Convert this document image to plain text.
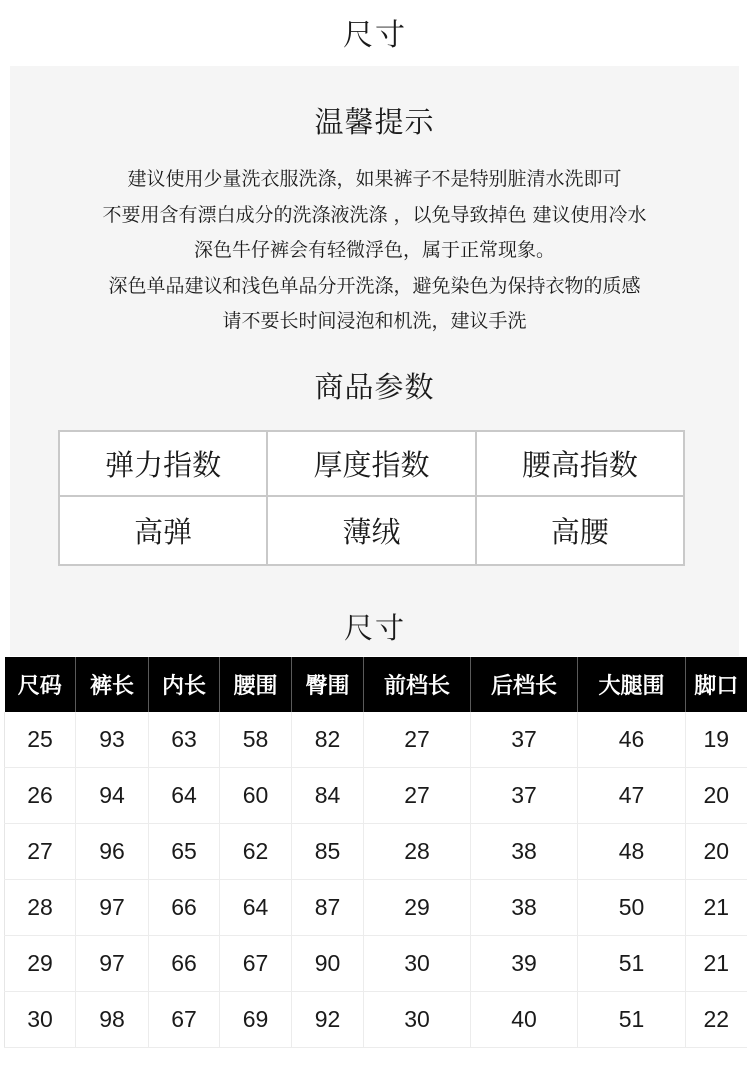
尺寸
温馨提示
建议使用少量洗衣服洗涤，如果裤子不是特别脏清水洗即可
不要用含有漂白成分的洗涤液洗涤 ，以免导致掉色 建议使用冷水
深色牛仔裤会有轻微浮色，属于正常现象。
深色单品建议和浅色单品分开洗涤，避免染色为保持衣物的质感
请不要长时间浸泡和机洗，建议手洗
商品参数
弹力指数	厚度指数	腰高指数
高弹	薄绒	高腰
尺寸
尺码	裤长	内长	腰围	臀围	前档长	后档长	大腿围	脚口
25	93	63	58	82	27	37	46	19
26	94	64	60	84	27	37	47	20
27	96	65	62	85	28	38	48	20
28	97	66	64	87	29	38	50	21
29	97	66	67	90	30	39	51	21
30	98	67	69	92	30	40	51	22
